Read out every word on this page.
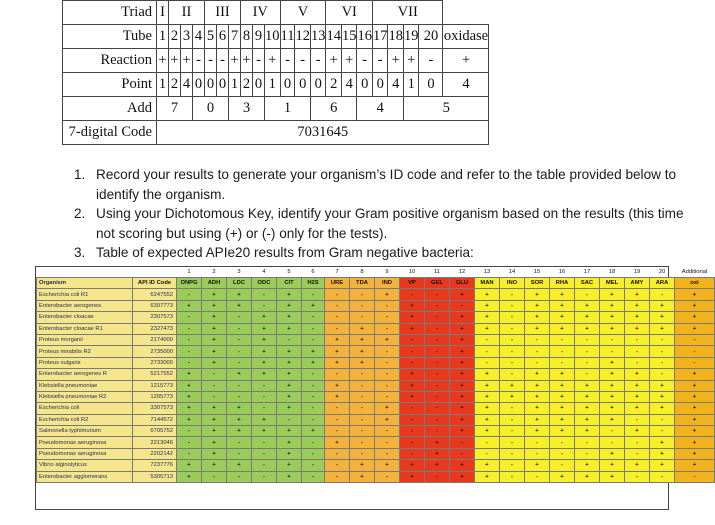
Triad	I	II			III			IV			V			VI			VII				
Tube	1	2	3	4	5	6	7	8	9	10	11	12	13	14	15	16	17	18	19	20	oxidase
Reaction	+	+	+	-	-	-	+	+	-	+	-	-	-	+	+	-	-	+	+	-	+
Point	1	2	4	0	0	0	1	2	0	1	0	0	0	2	4	0	0	4	1	0	4
Add	7			0			3			1			6			4			5		
7-digital Code	7031645																				
1. Record your results to generate your organism’s ID code and refer to the table provided below to identify the organism.
2. Using your Dichotomous Key, identify your Gram positive organism based on the results (this time not scoring but using (+) or (-) only for the tests).
3. Table of expected APIe20 results from Gram negative bacteria:
		1	2	3	4	5	6	7	8	9	10	11	12	13	14	15	16	17	18	19	20	Additional
Organism	API ID Code	ONPG	ADH	LDC	ODC	CIT	H2S	URE	TDA	IND	VP	GEL	GLU	MAN	INO	SOR	RHA	SAC	MEL	AMY	ARA	oxi
Escherichia coli R1	6247552	-	+	+	-	+	-	-	-	+	-	-	+	+	-	+	+	-	+	+	-	+
Enterobacter aerogenes	6307773	+	+	+	-	+	+	-	-	-	+	-	-	+	-	+	+	+	+	+	+	+
Enterobacter cloacae	2307573	-	+	-	+	+	-	-	-	-	+	-	+	+	-	+	+	+	+	+	+	+
Enterobacter cloacae R1	2327473	-	+	-	+	+	-	-	+	-	+	-	+	+	-	+	+	+	+	+	+	+
Proteus morganii	2174000	-	+	-	+	-	-	+	+	+	-	-	+	-	-	-	-	-	-	-	-	-
Proteus mirabilis R2	2735000	-	+	-	+	+	+	+	+	-	-	-	+	-	-	-	-	-	-	-	-	-
Proteus vulgaris	2733000	-	+	-	+	+	+	+	+	-	-	-	+	-	-	-	-	-	+	-	-	-
Enterobacter aerogenes R	5217552	+	-	+	+	+	-	-	-	-	+	-	+	+	-	+	+	-	+	+	-	+
Klebsiella pneumoniae	1215773	+	-	-	-	+	-	+	-	-	+	-	+	+	+	+	+	+	+	+	+	+
Klebsiella pneumoniae R2	1205773	+	-	-	-	+	-	+	-	-	+	-	+	+	+	+	+	+	+	+	+	+
Escherichia coli	3307573	+	+	+	-	+	-	-	-	+	-	-	+	+	-	+	+	+	+	+	+	+
Escherichia coli R2	7144572	+	+	+	+	-	-	-	-	+	-	-	+	+	-	+	+	+	+	-	-	+
Salmonella typhimurium	6705752	-	+	+	+	+	+	-	-	-	-	-	+	+	-	+	+	+	-	+	-	+
Pseudomonas aeruginosa	2213046	-	+	-	-	+	-	+	-	-	-	+	-	-	-	-	-	-	-	-	+	+
Pseudomonas aeruginosa	2202142	-	+	-	-	+	-	-	-	-	-	+	-	-	-	-	-	-	+	-	+	+
Vibrio alginolyticus	7237776	+	+	+	-	+	-	-	+	+	+	+	+	+	-	+	-	+	+	+	+	+
Enterobacter agglomerans	5305713	+	-	-	-	+	-	-	+	-	+	-	+	+	-	-	+	+	+	-	-	-
